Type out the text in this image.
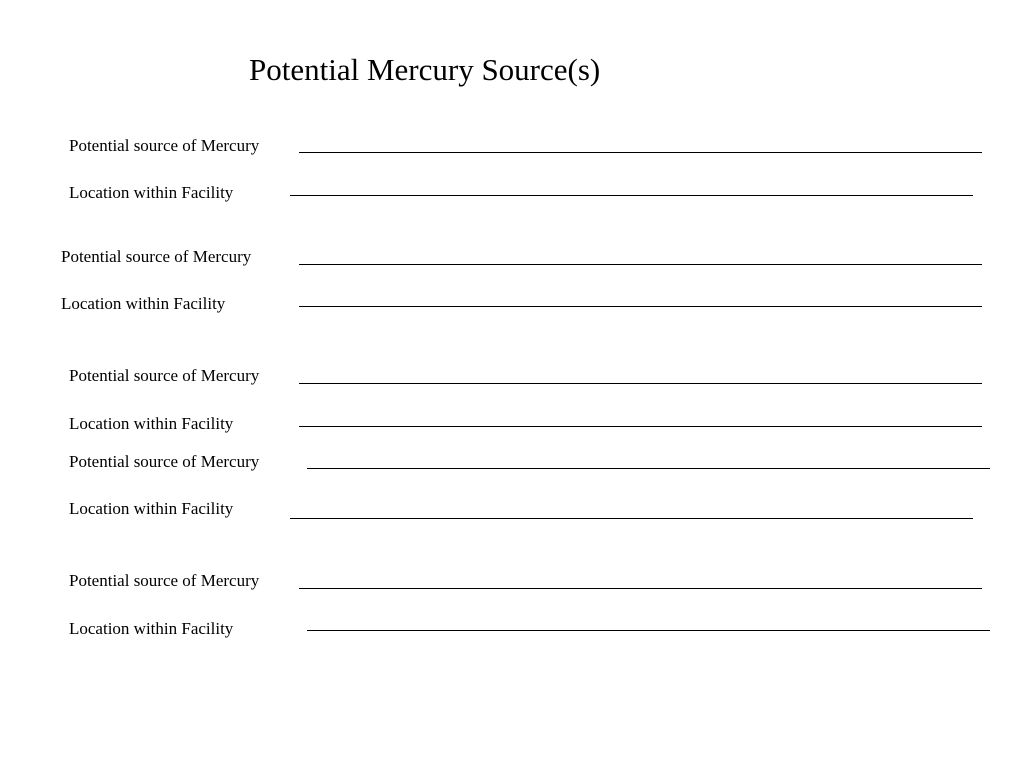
Potential Mercury Source(s)
Potential source of Mercury
Location within Facility
Potential source of Mercury
Location within Facility
Potential source of Mercury
Location within Facility
Potential source of Mercury
Location within Facility
Potential source of Mercury
Location within Facility
